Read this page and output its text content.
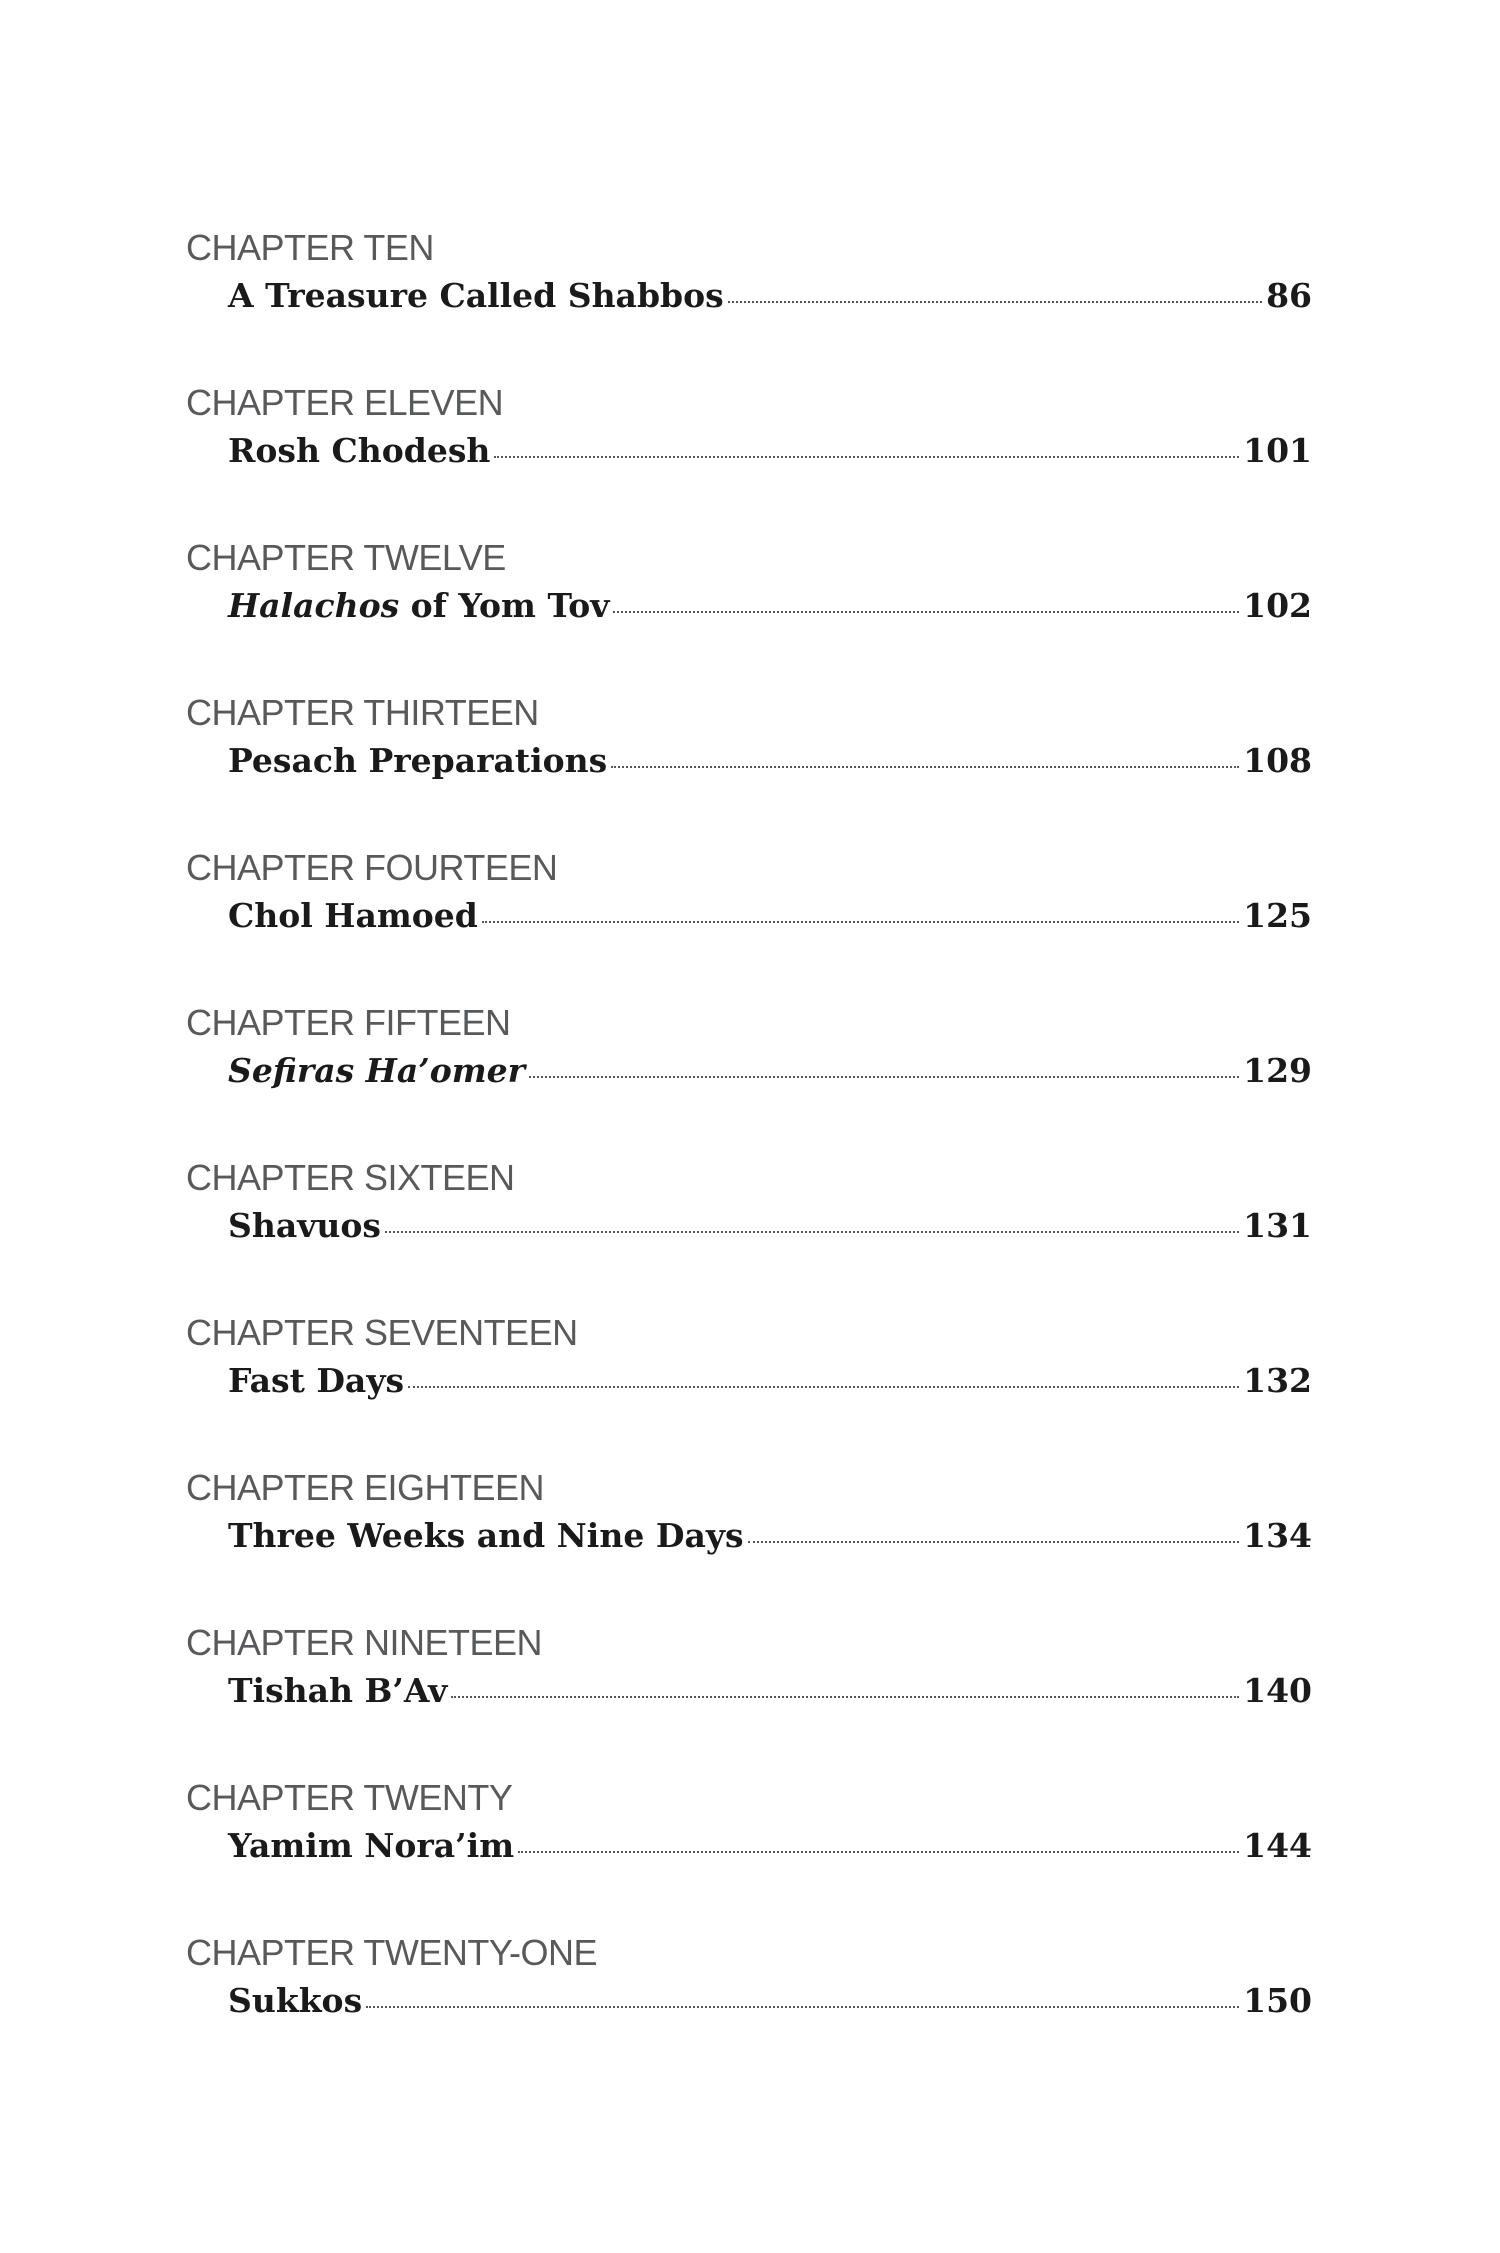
CHAPTER TEN
A Treasure Called Shabbos	86
CHAPTER ELEVEN
Rosh Chodesh	101
CHAPTER TWELVE
Halachos of Yom Tov	102
CHAPTER THIRTEEN
Pesach Preparations	108
CHAPTER FOURTEEN
Chol Hamoed	125
CHAPTER FIFTEEN
Sefiras Ha’omer	129
CHAPTER SIXTEEN
Shavuos	131
CHAPTER SEVENTEEN
Fast Days	132
CHAPTER EIGHTEEN
Three Weeks and Nine Days	134
CHAPTER NINETEEN
Tishah B’Av	140
CHAPTER TWENTY
Yamim Nora’im	144
CHAPTER TWENTY-ONE
Sukkos	150
